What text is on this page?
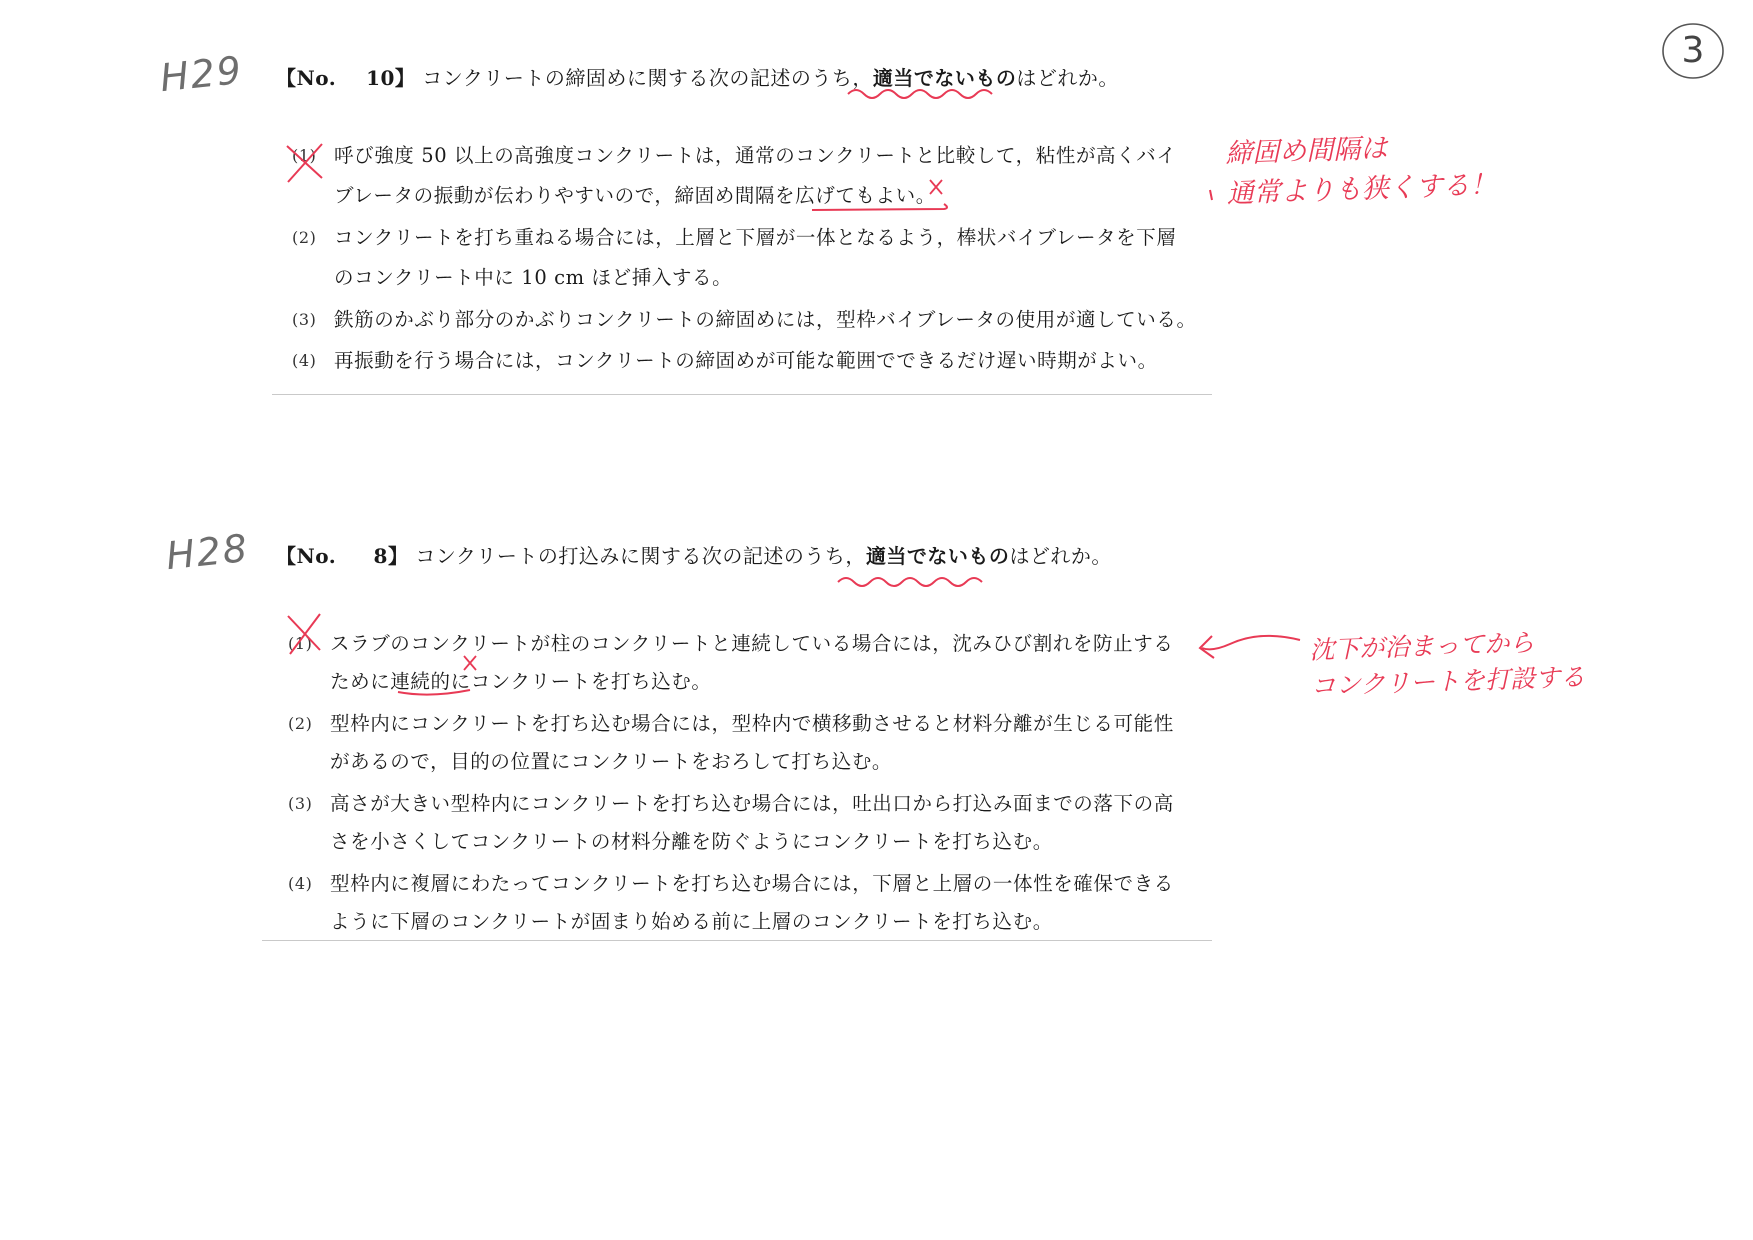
3
H29 【No.    10】 コンクリートの締固めに関する次の記述のうち，適当でないものはどれか。
(1) 呼び強度 50 以上の高強度コンクリートは，通常のコンクリートと比較して，粘性が高くバイ
ブレータの振動が伝わりやすいので，締固め間隔を広げてもよい。
(2) コンクリートを打ち重ねる場合には，上層と下層が一体となるよう，棒状バイブレータを下層
のコンクリート中に 10 cm ほど挿入する。
(3) 鉄筋のかぶり部分のかぶりコンクリートの締固めには，型枠バイブレータの使用が適している。
(4) 再振動を行う場合には，コンクリートの締固めが可能な範囲でできるだけ遅い時期がよい。
締固め間隔は
通常よりも狭くする！
H28 【No.     8】 コンクリートの打込みに関する次の記述のうち，適当でないものはどれか。
(1) スラブのコンクリートが柱のコンクリートと連続している場合には，沈みひび割れを防止する
ために連続的にコンクリートを打ち込む。
(2) 型枠内にコンクリートを打ち込む場合には，型枠内で横移動させると材料分離が生じる可能性
があるので，目的の位置にコンクリートをおろして打ち込む。
(3) 高さが大きい型枠内にコンクリートを打ち込む場合には，吐出口から打込み面までの落下の高
さを小さくしてコンクリートの材料分離を防ぐようにコンクリートを打ち込む。
(4) 型枠内に複層にわたってコンクリートを打ち込む場合には，下層と上層の一体性を確保できる
ように下層のコンクリートが固まり始める前に上層のコンクリートを打ち込む。
沈下が治まってから
コンクリートを打設する
